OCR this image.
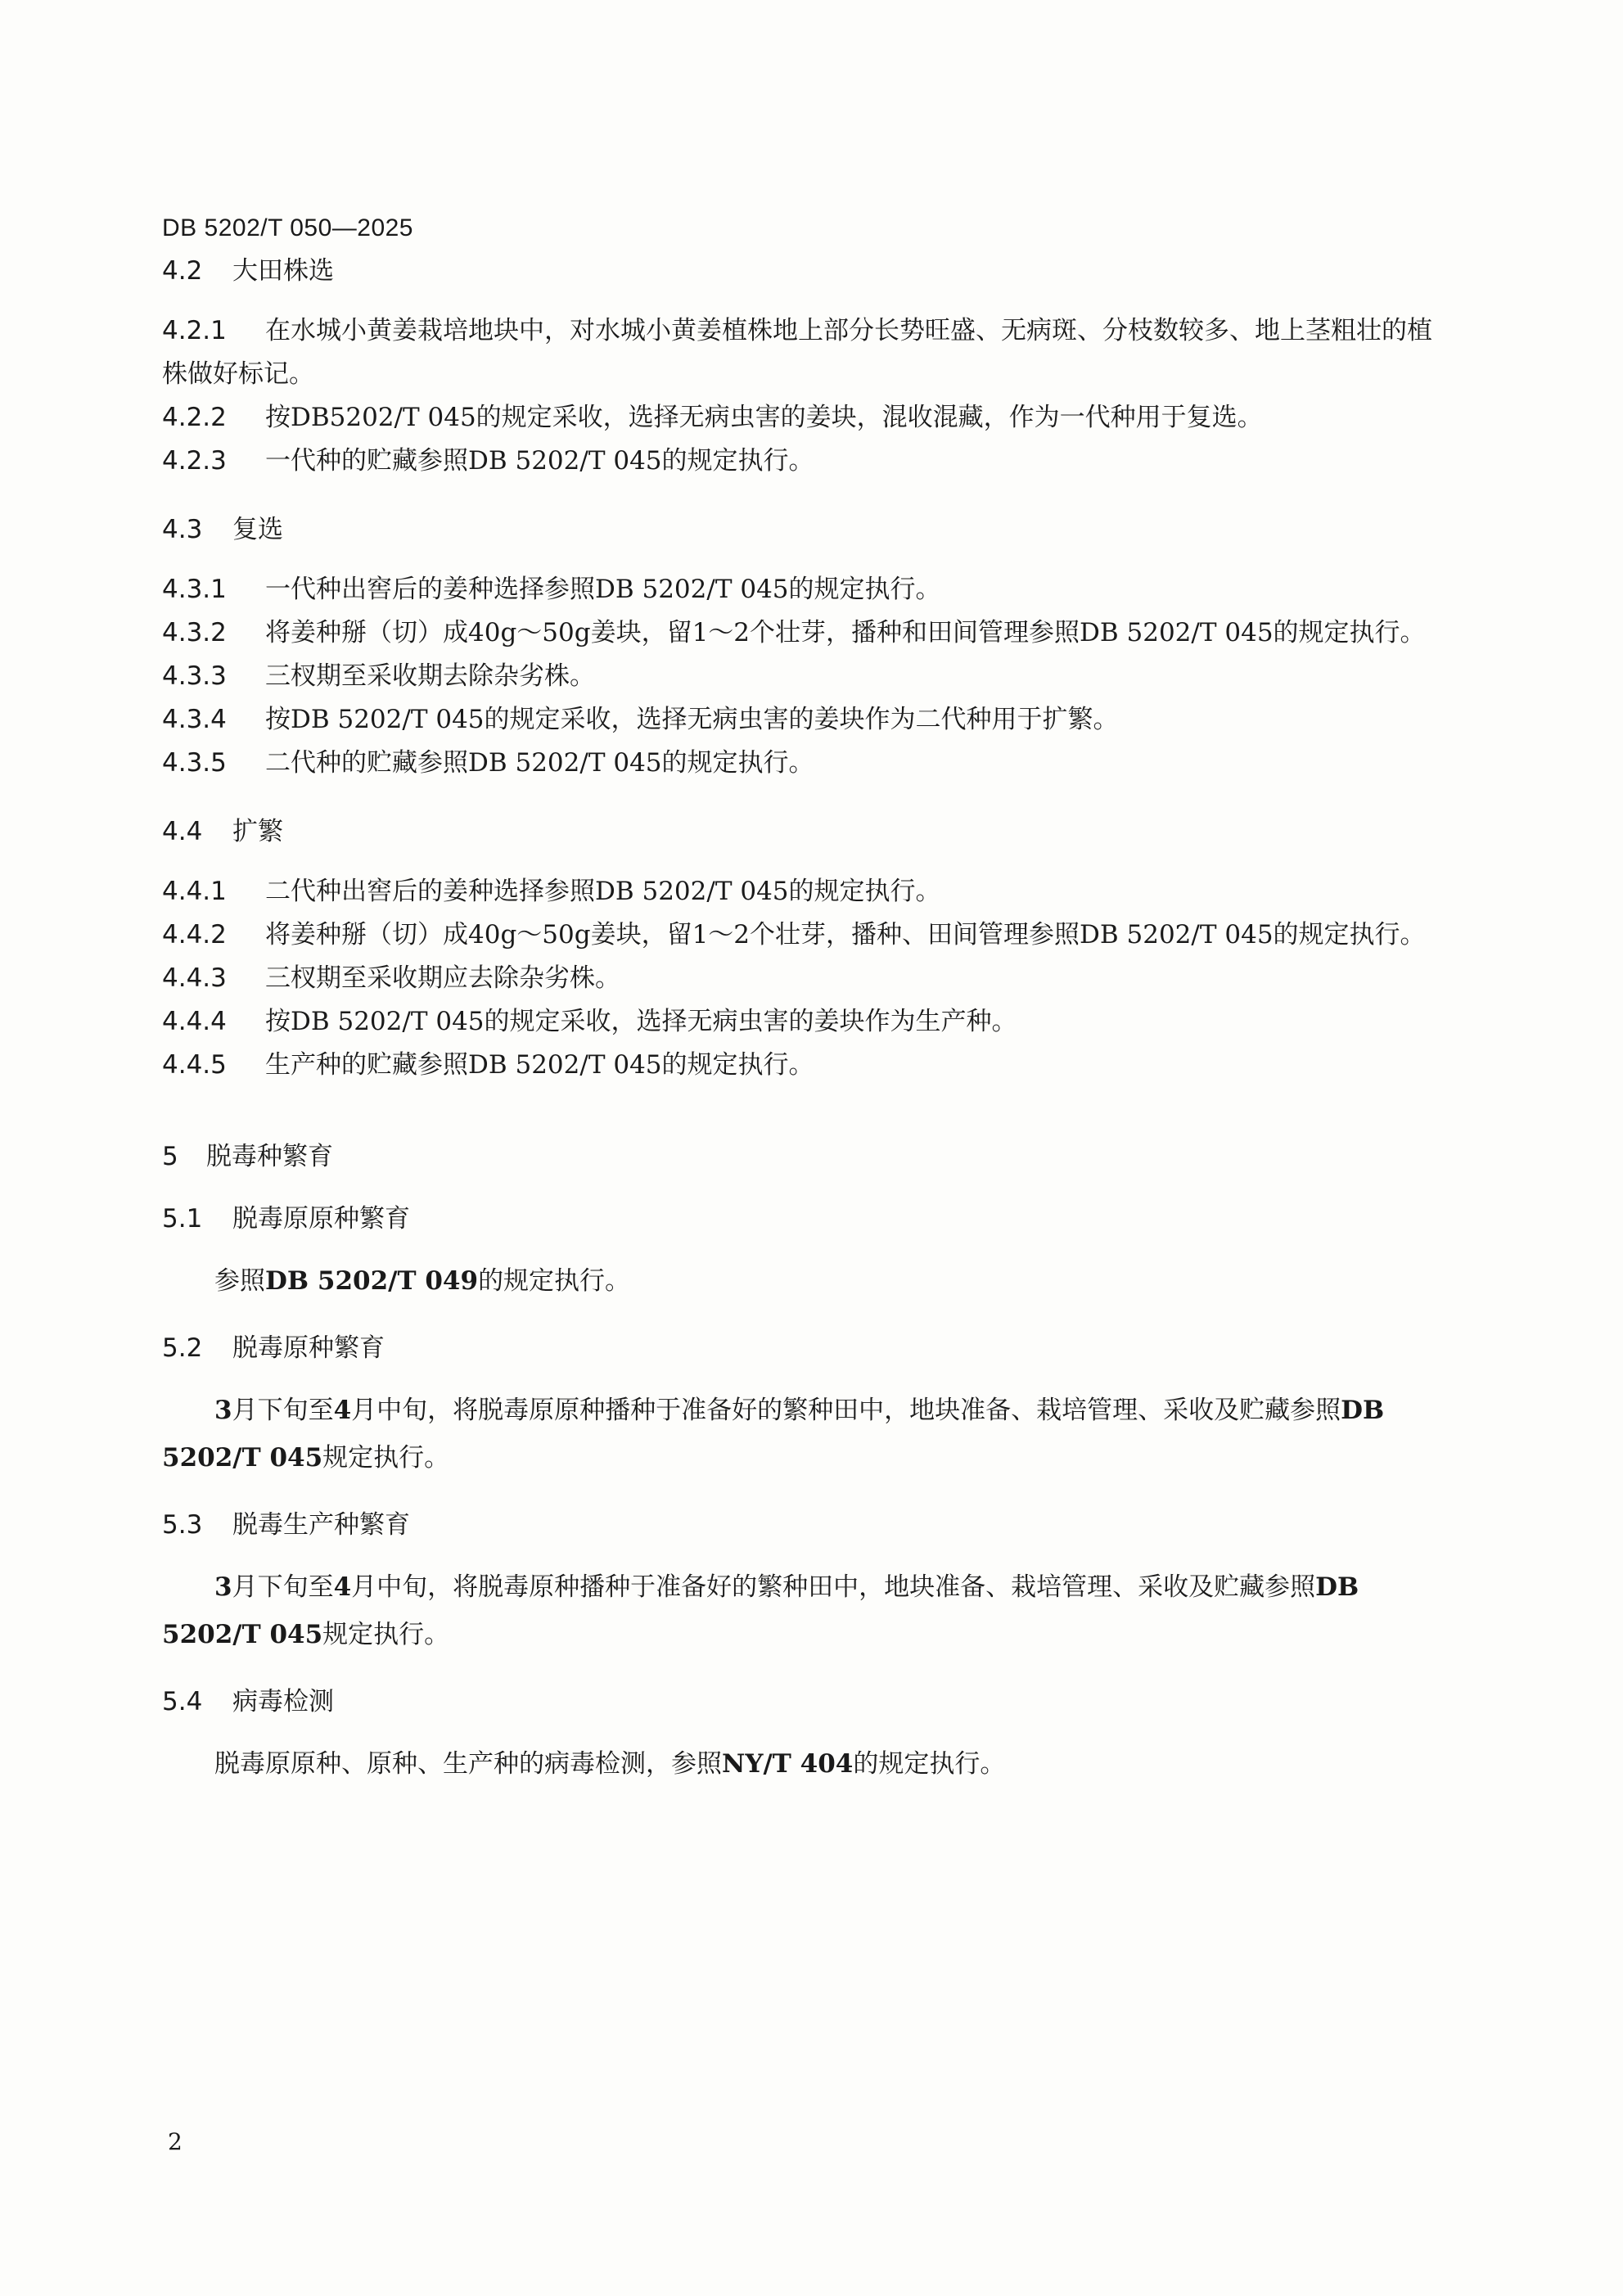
DB 5202/T 050—2025
4.2 大田株选

4.2.1 在水城小黄姜栽培地块中，对水城小黄姜植株地上部分长势旺盛、无病斑、分枝数较多、地上茎粗壮的植株做好标记。

4.2.2 按DB5202/T 045的规定采收，选择无病虫害的姜块，混收混藏，作为一代种用于复选。

4.2.3 一代种的贮藏参照DB 5202/T 045的规定执行。

4.3 复选

4.3.1 一代种出窖后的姜种选择参照DB 5202/T 045的规定执行。

4.3.2 将姜种掰（切）成40g～50g姜块，留1～2个壮芽，播种和田间管理参照DB 5202/T 045的规定执行。

4.3.3 三杈期至采收期去除杂劣株。

4.3.4 按DB 5202/T 045的规定采收，选择无病虫害的姜块作为二代种用于扩繁。

4.3.5 二代种的贮藏参照DB 5202/T 045的规定执行。

4.4 扩繁

4.4.1 二代种出窖后的姜种选择参照DB 5202/T 045的规定执行。

4.4.2 将姜种掰（切）成40g～50g姜块，留1～2个壮芽，播种、田间管理参照DB 5202/T 045的规定执行。

4.4.3 三杈期至采收期应去除杂劣株。

4.4.4 按DB 5202/T 045的规定采收，选择无病虫害的姜块作为生产种。

4.4.5 生产种的贮藏参照DB 5202/T 045的规定执行。

5 脱毒种繁育
5.1 脱毒原原种繁育

参照DB 5202/T 049的规定执行。

5.2 脱毒原种繁育

3月下旬至4月中旬，将脱毒原原种播种于准备好的繁种田中，地块准备、栽培管理、采收及贮藏参照DB 5202/T 045规定执行。

5.3 脱毒生产种繁育

3月下旬至4月中旬，将脱毒原种播种于准备好的繁种田中，地块准备、栽培管理、采收及贮藏参照DB 5202/T 045规定执行。

5.4 病毒检测

脱毒原原种、原种、生产种的病毒检测，参照NY/T 404的规定执行。

2
